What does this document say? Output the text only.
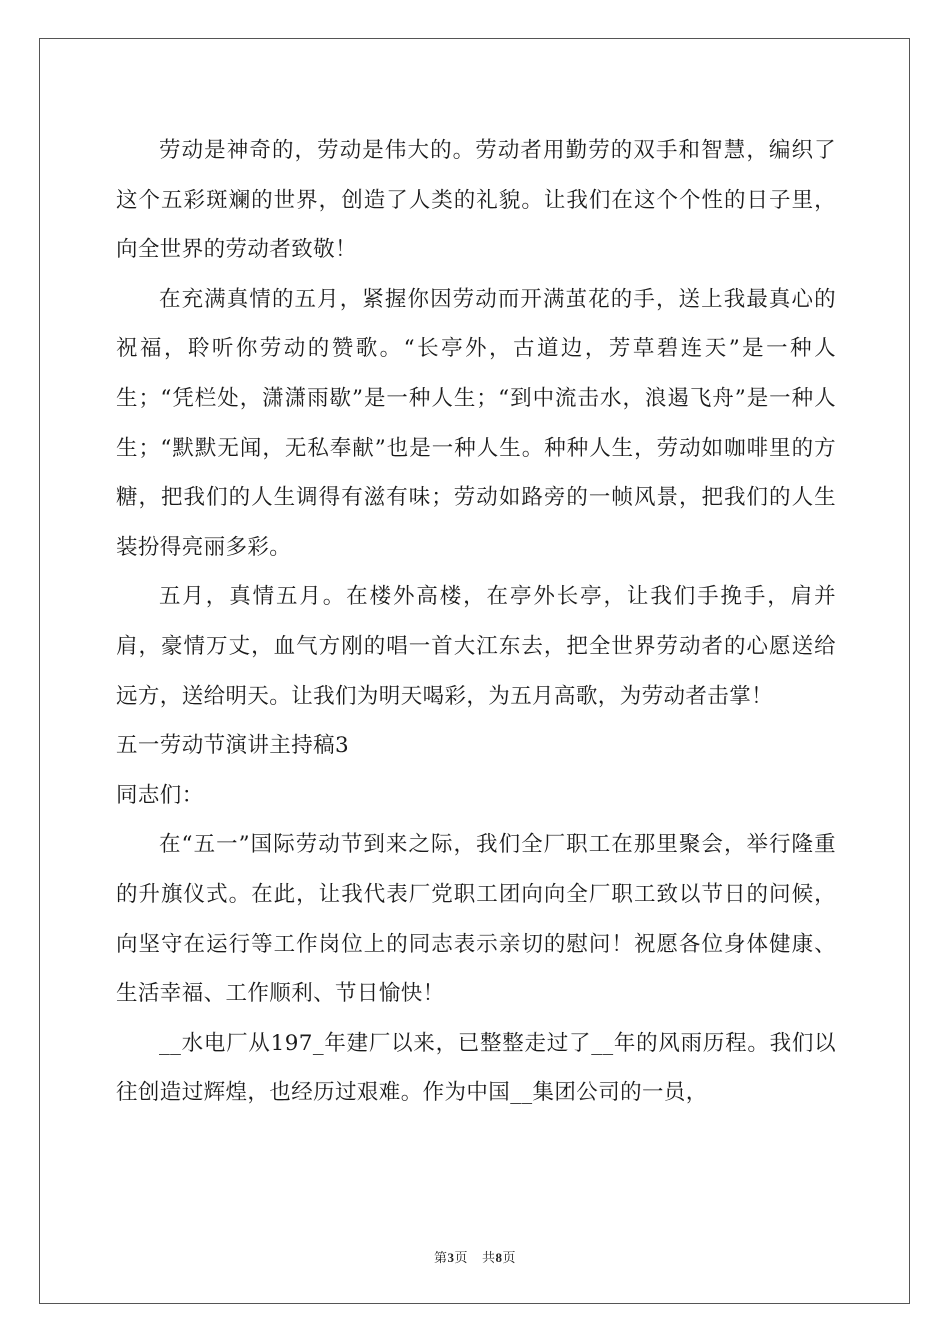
劳动是神奇的，劳动是伟大的。劳动者用勤劳的双手和智慧，编织了这个五彩斑斓的世界，创造了人类的礼貌。让我们在这个个性的日子里，向全世界的劳动者致敬！

在充满真情的五月，紧握你因劳动而开满茧花的手，送上我最真心的祝福，聆听你劳动的赞歌。“长亭外，古道边，芳草碧连天”是一种人生；“凭栏处，潇潇雨歇”是一种人生；“到中流击水，浪遏飞舟”是一种人生；“默默无闻，无私奉献”也是一种人生。种种人生，劳动如咖啡里的方糖，把我们的人生调得有滋有味；劳动如路旁的一帧风景，把我们的人生装扮得亮丽多彩。

五月，真情五月。在楼外高楼，在亭外长亭，让我们手挽手，肩并肩，豪情万丈，血气方刚的唱一首大江东去，把全世界劳动者的心愿送给远方，送给明天。让我们为明天喝彩，为五月高歌，为劳动者击掌！

五一劳动节演讲主持稿3

同志们：

在“五一”国际劳动节到来之际，我们全厂职工在那里聚会，举行隆重的升旗仪式。在此，让我代表厂党职工团向向全厂职工致以节日的问候，向坚守在运行等工作岗位上的同志表示亲切的慰问！祝愿各位身体健康、生活幸福、工作顺利、节日愉快！

__水电厂从197_年建厂以来，已整整走过了__年的风雨历程。我们以往创造过辉煌，也经历过艰难。作为中国__集团公司的一员，

第3页 共8页
